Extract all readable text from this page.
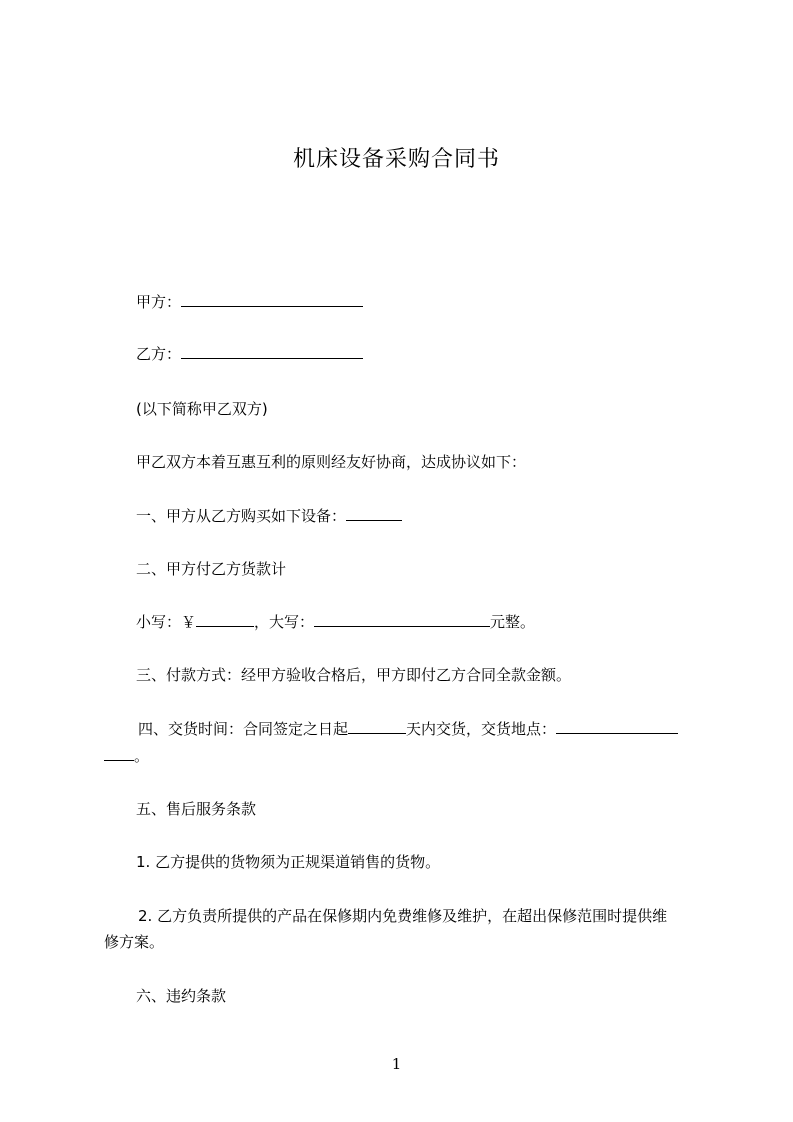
机床设备采购合同书
甲方：
乙方：
(以下简称甲乙双方)
甲乙双方本着互惠互利的原则经友好协商，达成协议如下：
一、甲方从乙方购买如下设备：
二、甲方付乙方货款计
小写：￥	，大写：	元整。
三、付款方式：经甲方验收合格后，甲方即付乙方合同全款金额。
四、交货时间：合同签定之日起	天内交货，交货地点：
。
五、售后服务条款
1. 乙方提供的货物须为正规渠道销售的货物。
2. 乙方负责所提供的产品在保修期内免费维修及维护，在超出保修范围时提供维
修方案。
六、违约条款
1
